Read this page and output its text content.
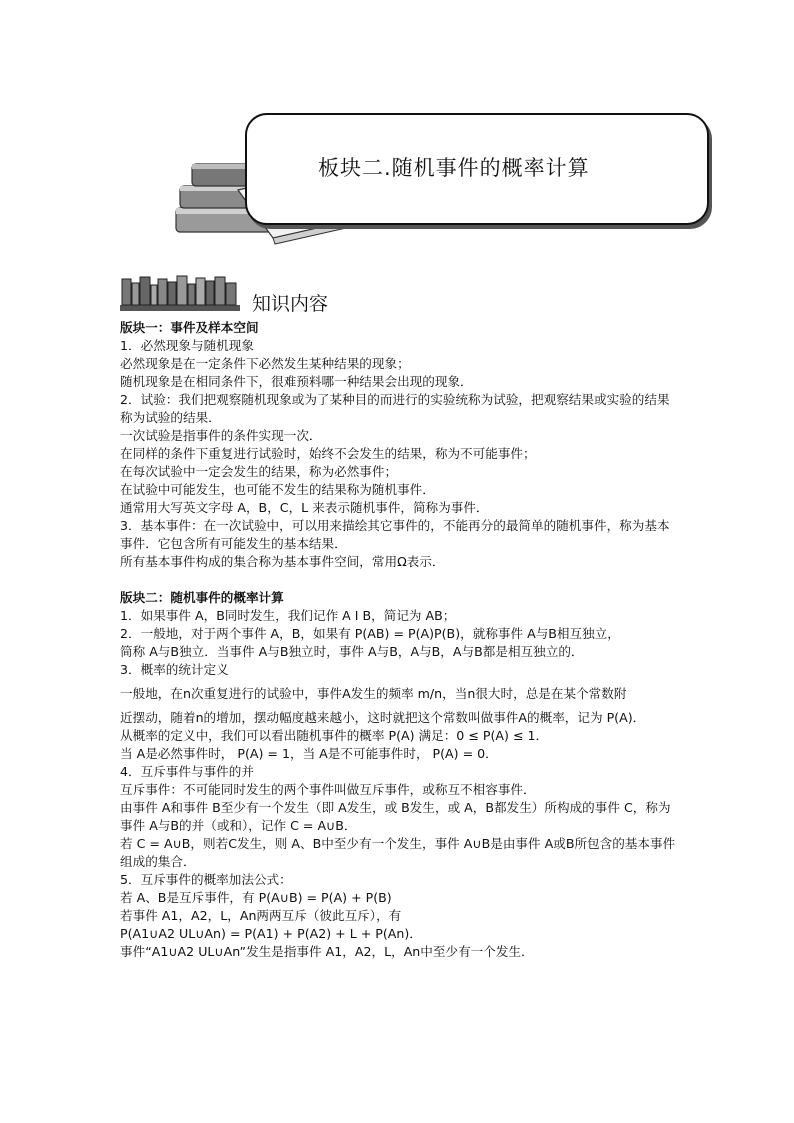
板块二.随机事件的概率计算
知识内容

版块一：事件及样本空间

1．必然现象与随机现象

必然现象是在一定条件下必然发生某种结果的现象；

随机现象是在相同条件下，很难预料哪一种结果会出现的现象．

2．试验：我们把观察随机现象或为了某种目的而进行的实验统称为试验，把观察结果或实验的结果称为试验的结果．

一次试验是指事件的条件实现一次．

在同样的条件下重复进行试验时，始终不会发生的结果，称为不可能事件；

在每次试验中一定会发生的结果，称为必然事件；

在试验中可能发生，也可能不发生的结果称为随机事件．

通常用大写英文字母 A，B，C，L 来表示随机事件，简称为事件．

3．基本事件：在一次试验中，可以用来描绘其它事件的，不能再分的最简单的随机事件，称为基本事件．它包含所有可能发生的基本结果．

所有基本事件构成的集合称为基本事件空间，常用Ω表示．

版块二：随机事件的概率计算

1．如果事件 A，B同时发生，我们记作 A I B，简记为 AB；

2．一般地，对于两个事件 A，B，如果有 P(AB) = P(A)P(B)，就称事件 A与B相互独立，

简称 A与B独立．当事件 A与B独立时，事件 A与B，A与B，A与B都是相互独立的．

3．概率的统计定义

一般地，在n次重复进行的试验中，事件A发生的频率 m/n，当n很大时，总是在某个常数附

近摆动，随着n的增加，摆动幅度越来越小，这时就把这个常数叫做事件A的概率，记为 P(A)．

从概率的定义中，我们可以看出随机事件的概率 P(A) 满足：0 ≤ P(A) ≤ 1．

当 A是必然事件时， P(A) = 1，当 A是不可能事件时， P(A) = 0．

4．互斥事件与事件的并

互斥事件：不可能同时发生的两个事件叫做互斥事件，或称互不相容事件．

由事件 A和事件 B至少有一个发生（即 A发生，或 B发生，或 A，B都发生）所构成的事件 C，称为事件 A与B的并（或和），记作 C = A∪B．

若 C = A∪B，则若C发生，则 A、B中至少有一个发生，事件 A∪B是由事件 A或B所包含的基本事件组成的集合．

5．互斥事件的概率加法公式：

若 A、B是互斥事件，有 P(A∪B) = P(A) + P(B)

若事件 A1，A2，L，An两两互斥（彼此互斥），有

P(A1∪A2 UL∪An) = P(A1) + P(A2) + L + P(An)．

事件“A1∪A2 UL∪An”发生是指事件 A1，A2，L，An中至少有一个发生．
